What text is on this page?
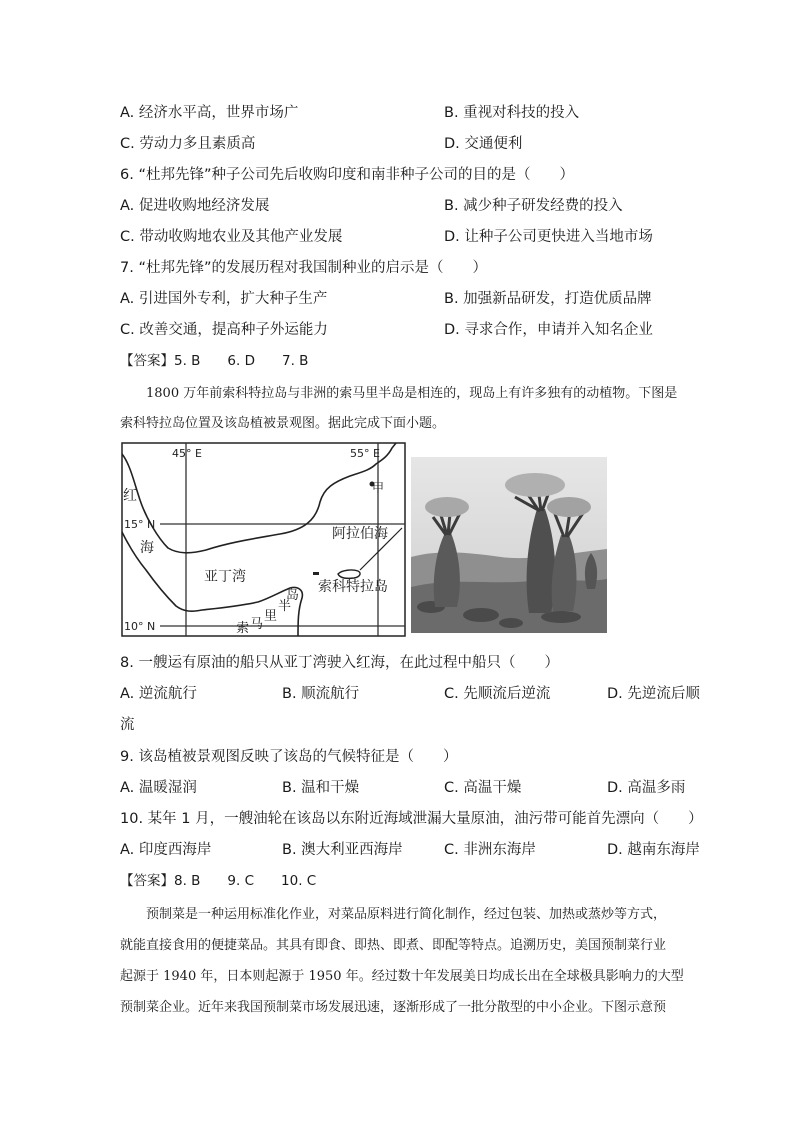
A. 经济水平高，世界市场广	B. 重视对科技的投入
C. 劳动力多且素质高	D. 交通便利
6. “杜邦先锋”种子公司先后收购印度和南非种子公司的目的是（　　）
A. 促进收购地经济发展	B. 减少种子研发经费的投入
C. 带动收购地农业及其他产业发展	D. 让种子公司更快进入当地市场
7. “杜邦先锋”的发展历程对我国制种业的启示是（　　）
A. 引进国外专利，扩大种子生产	B. 加强新品研发，打造优质品牌
C. 改善交通，提高种子外运能力	D. 寻求合作，申请并入知名企业
【答案】5. B　　6. D　　7. B
1800 万年前索科特拉岛与非洲的索马里半岛是相连的，现岛上有许多独有的动植物。下图是
索科特拉岛位置及该岛植被景观图。据此完成下面小题。
45° E	55° E
15° N
10° N
红
海
阿拉伯海
亚丁湾
索科特拉岛
甲
索 马
里
半
岛
8. 一艘运有原油的船只从亚丁湾驶入红海，在此过程中船只（　　）
A. 逆流航行	B. 顺流航行	C. 先顺流后逆流	D. 先逆流后顺
流
9. 该岛植被景观图反映了该岛的气候特征是（　　）
A. 温暖湿润	B. 温和干燥	C. 高温干燥	D. 高温多雨
10. 某年 1 月，一艘油轮在该岛以东附近海域泄漏大量原油，油污带可能首先漂向（　　）
A. 印度西海岸	B. 澳大利亚西海岸	C. 非洲东海岸	D. 越南东海岸
【答案】8. B　　9. C　　10. C
预制菜是一种运用标准化作业，对菜品原料进行简化制作，经过包装、加热或蒸炒等方式，
就能直接食用的便捷菜品。其具有即食、即热、即煮、即配等特点。追溯历史，美国预制菜行业
起源于 1940 年，日本则起源于 1950 年。经过数十年发展美日均成长出在全球极具影响力的大型
预制菜企业。近年来我国预制菜市场发展迅速，逐渐形成了一批分散型的中小企业。下图示意预
